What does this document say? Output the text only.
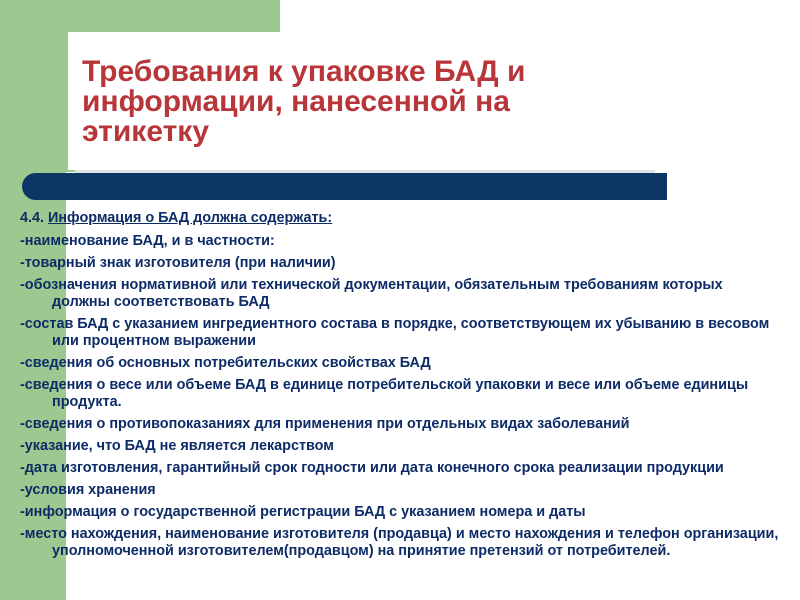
Требования к упаковке БАД и информации, нанесенной на этикетку

4.4. Информация о БАД должна содержать:

-наименование БАД, и в частности:
-товарный знак изготовителя (при наличии)
-обозначения нормативной или технической документации, обязательным требованиям которых должны соответствовать БАД
-состав БАД с указанием ингредиентного состава в порядке, соответствующем их убыванию в весовом или процентном выражении
-сведения об основных потребительских свойствах БАД
-сведения о весе или объеме БАД в единице потребительской упаковки и весе или объеме единицы продукта.
-сведения о противопоказаниях для применения при отдельных видах заболеваний
-указание, что БАД не является лекарством
-дата изготовления, гарантийный срок годности или дата конечного срока реализации продукции
-условия хранения
-информация о государственной регистрации БАД с указанием номера и даты
-место нахождения, наименование изготовителя (продавца) и место нахождения и телефон организации, уполномоченной изготовителем(продавцом) на принятие претензий от потребителей.
